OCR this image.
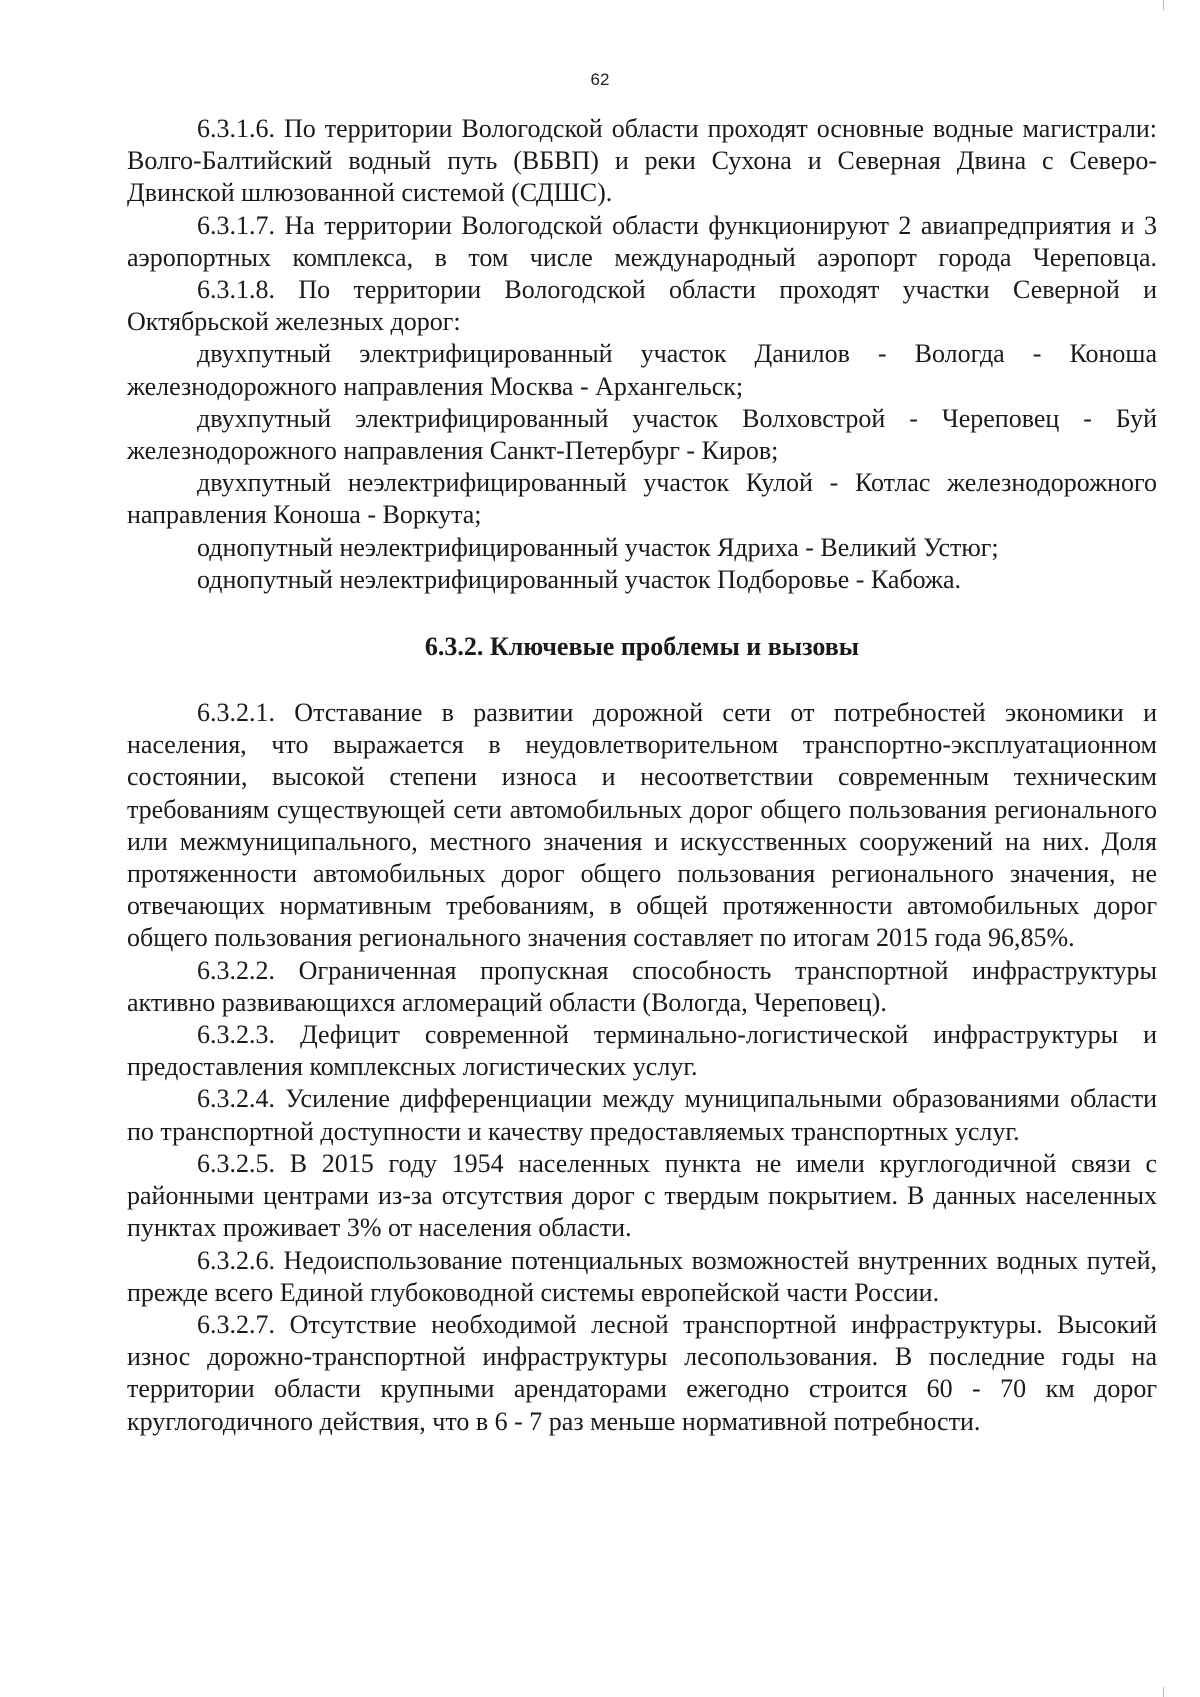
62

6.3.1.6. По территории Вологодской области проходят основные водные магистрали: Волго-Балтийский водный путь (ВБВП) и реки Сухона и Северная Двина с Северо-Двинской шлюзованной системой (СДШС).

6.3.1.7. На территории Вологодской области функционируют 2 авиапредприятия и 3 аэропортных комплекса, в том числе международный аэропорт города Череповца.

6.3.1.8. По территории Вологодской области проходят участки Северной и Октябрьской железных дорог:

двухпутный электрифицированный участок Данилов - Вологда - Коноша железнодорожного направления Москва - Архангельск;

двухпутный электрифицированный участок Волховстрой - Череповец - Буй железнодорожного направления Санкт-Петербург - Киров;

двухпутный неэлектрифицированный участок Кулой - Котлас железнодорожного направления Коноша - Воркута;

однопутный неэлектрифицированный участок Ядриха - Великий Устюг;

однопутный неэлектрифицированный участок Подборовье - Кабожа.

6.3.2. Ключевые проблемы и вызовы

6.3.2.1. Отставание в развитии дорожной сети от потребностей экономики и населения, что выражается в неудовлетворительном транспортно-эксплуатационном состоянии, высокой степени износа и несоответствии современным техническим требованиям существующей сети автомобильных дорог общего пользования регионального или межмуниципального, местного значения и искусственных сооружений на них. Доля протяженности автомобильных дорог общего пользования регионального значения, не отвечающих нормативным требованиям, в общей протяженности автомобильных дорог общего пользования регионального значения составляет по итогам 2015 года 96,85%.

6.3.2.2. Ограниченная пропускная способность транспортной инфраструктуры активно развивающихся агломераций области (Вологда, Череповец).

6.3.2.3. Дефицит современной терминально-логистической инфраструктуры и предоставления комплексных логистических услуг.

6.3.2.4. Усиление дифференциации между муниципальными образованиями области по транспортной доступности и качеству предоставляемых транспортных услуг.

6.3.2.5. В 2015 году 1954 населенных пункта не имели круглогодичной связи с районными центрами из-за отсутствия дорог с твердым покрытием. В данных населенных пунктах проживает 3% от населения области.

6.3.2.6. Недоиспользование потенциальных возможностей внутренних водных путей, прежде всего Единой глубоководной системы европейской части России.

6.3.2.7. Отсутствие необходимой лесной транспортной инфраструктуры. Высокий износ дорожно-транспортной инфраструктуры лесопользования. В последние годы на территории области крупными арендаторами ежегодно строится 60 - 70 км дорог круглогодичного действия, что в 6 - 7 раз меньше нормативной потребности.
